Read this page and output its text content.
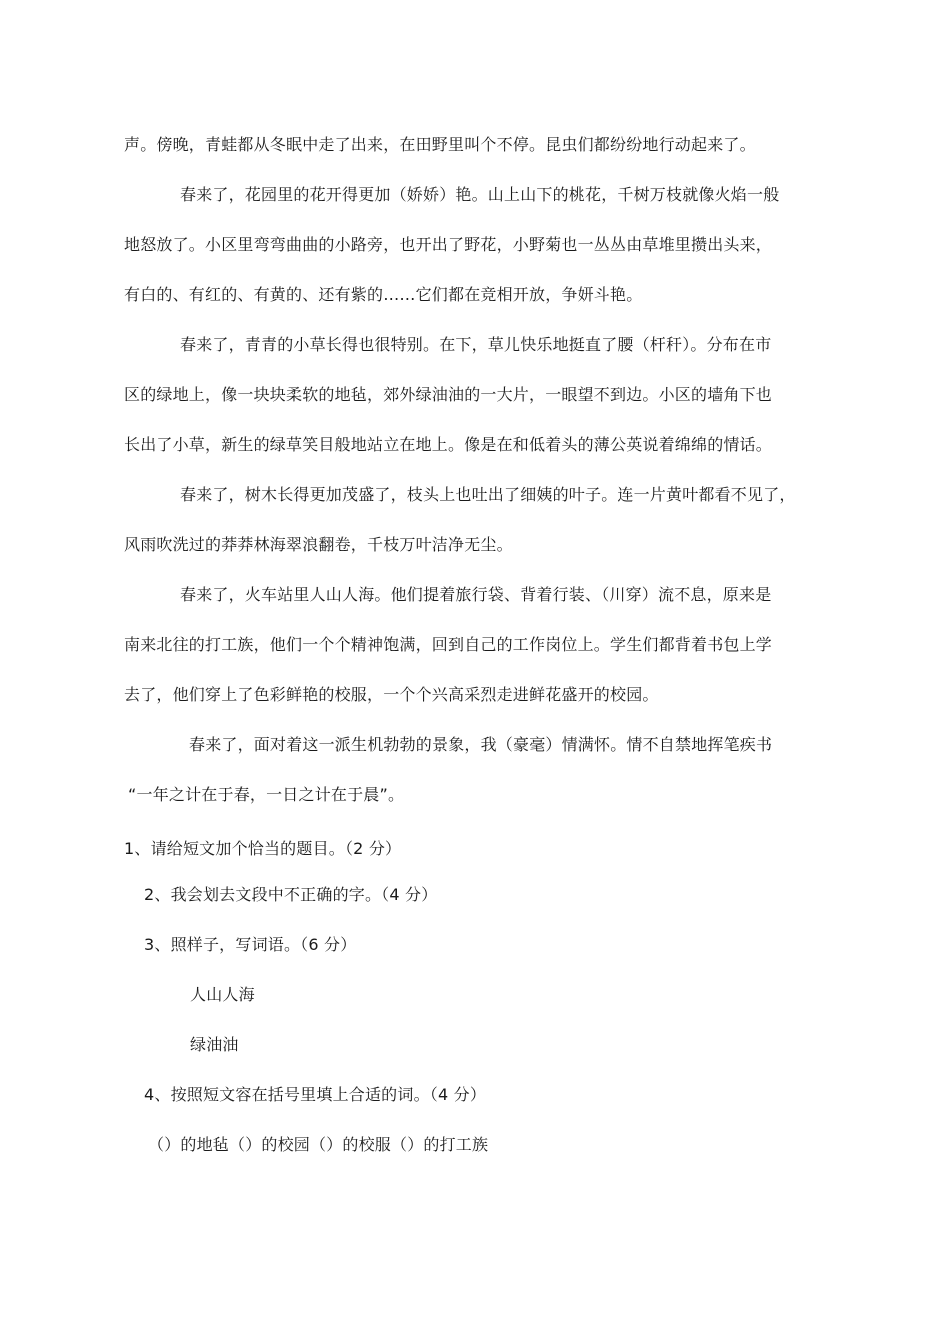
声。傍晚，青蛙都从冬眠中走了出来，在田野里叫个不停。昆虫们都纷纷地行动起来了。
春来了，花园里的花开得更加（娇娇）艳。山上山下的桃花，千树万枝就像火焰一般
地怒放了。小区里弯弯曲曲的小路旁，也开出了野花，小野菊也一丛丛由草堆里攒出头来，
有白的、有红的、有黄的、还有紫的……它们都在竞相开放，争妍斗艳。
春来了，青青的小草长得也很特别。在下，草儿快乐地挺直了腰（杆秆）。分布在市
区的绿地上，像一块块柔软的地毡，郊外绿油油的一大片，一眼望不到边。小区的墙角下也
长出了小草，新生的绿草笑目般地站立在地上。像是在和低着头的薄公英说着绵绵的情话。
春来了，树木长得更加茂盛了，枝头上也吐出了细姨的叶子。连一片黄叶都看不见了，
风雨吹洗过的莽莽林海翠浪翻卷，千枝万叶洁净无尘。
春来了，火车站里人山人海。他们提着旅行袋、背着行装、（川穿）流不息，原来是
南来北往的打工族，他们一个个精神饱满，回到自己的工作岗位上。学生们都背着书包上学
去了，他们穿上了色彩鲜艳的校服，一个个兴高采烈走进鲜花盛开的校园。
春来了，面对着这一派生机勃勃的景象，我（豪毫）情满怀。情不自禁地挥笔疾书
“一年之计在于春，一日之计在于晨”。
1、请给短文加个恰当的题目。（2 分）
2、我会划去文段中不正确的字。（4 分）
3、照样子，写词语。（6 分）
人山人海
绿油油
4、按照短文容在括号里填上合适的词。（4 分）
（）的地毡（）的校园（）的校服（）的打工族
